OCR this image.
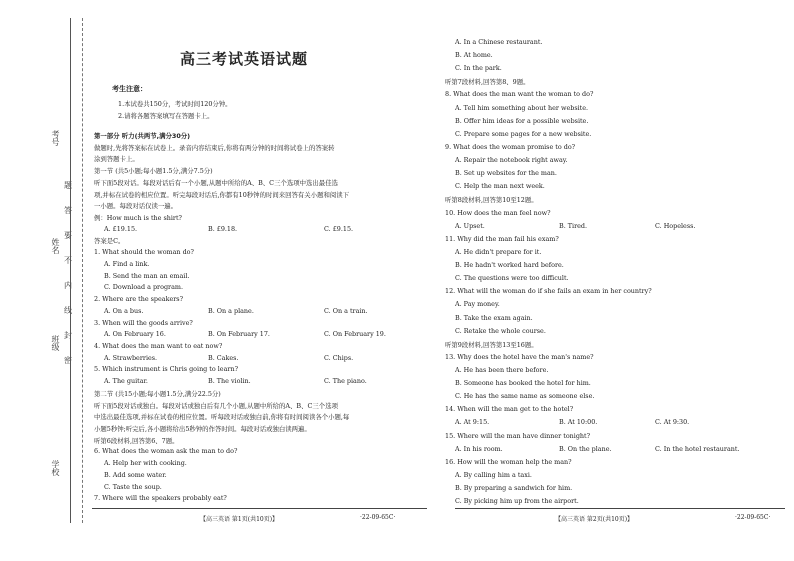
考号
姓名
班级
学校
题
答
要
不
内
线
封
密
高三考试英语试题
考生注意：
1.本试卷共150分，考试时间120分钟。
2.请将各题答案填写在答题卡上。
第一部分 听力(共两节,满分30分)
做题时,先将答案标在试卷上。录音内容结束后,你将有两分钟的时间将试卷上的答案转
涂到答题卡上。
第一节 (共5小题;每小题1.5分,满分7.5分)
听下面5段对话。每段对话后有一个小题,从题中所给的A、B、C三个选项中选出最佳选
项,并标在试卷的相应位置。听完每段对话后,你都有10秒钟的时间来回答有关小题和阅读下
一小题。每段对话仅读一遍。
例：How much is the shirt?
A. £19.15.	B. £9.18.	C. £9.15.
答案是C。
1. What should the woman do?
A. Find a link.
B. Send the man an email.
C. Download a program.
2. Where are the speakers?
A. On a bus.	B. On a plane.	C. On a train.
3. When will the goods arrive?
A. On February 16.	B. On February 17.	C. On February 19.
4. What does the man want to eat now?
A. Strawberries.	B. Cakes.	C. Chips.
5. Which instrument is Chris going to learn?
A. The guitar.	B. The violin.	C. The piano.
第二节 (共15小题;每小题1.5分,满分22.5分)
听下面5段对话或独白。每段对话或独白后有几个小题,从题中所给的A、B、C三个选项
中选出最佳选项,并标在试卷的相应位置。听每段对话或独白前,你将有时间阅读各个小题,每
小题5秒钟;听完后,各小题将给出5秒钟的作答时间。每段对话或独白读两遍。
听第6段材料,回答第6、7题。
6. What does the woman ask the man to do?
A. Help her with cooking.
B. Add some water.
C. Taste the soup.
7. Where will the speakers probably eat?
A. In a Chinese restaurant.
B. At home.
C. In the park.
听第7段材料,回答第8、9题。
8. What does the man want the woman to do?
A. Tell him something about her website.
B. Offer him ideas for a possible website.
C. Prepare some pages for a new website.
9. What does the woman promise to do?
A. Repair the notebook right away.
B. Set up websites for the man.
C. Help the man next week.
听第8段材料,回答第10至12题。
10. How does the man feel now?
A. Upset.	B. Tired.	C. Hopeless.
11. Why did the man fail his exam?
A. He didn't prepare for it.
B. He hadn't worked hard before.
C. The questions were too difficult.
12. What will the woman do if she fails an exam in her country?
A. Pay money.
B. Take the exam again.
C. Retake the whole course.
听第9段材料,回答第13至16题。
13. Why does the hotel have the man's name?
A. He has been there before.
B. Someone has booked the hotel for him.
C. He has the same name as someone else.
14. When will the man get to the hotel?
A. At 9:15.	B. At 10:00.	C. At 9:30.
15. Where will the man have dinner tonight?
A. In his room.	B. On the plane.	C. In the hotel restaurant.
16. How will the woman help the man?
A. By calling him a taxi.
B. By preparing a sandwich for him.
C. By picking him up from the airport.
【高三英语 第1页(共10页)】	·22-09-65C·	【高三英语 第2页(共10页)】	·22-09-65C·
